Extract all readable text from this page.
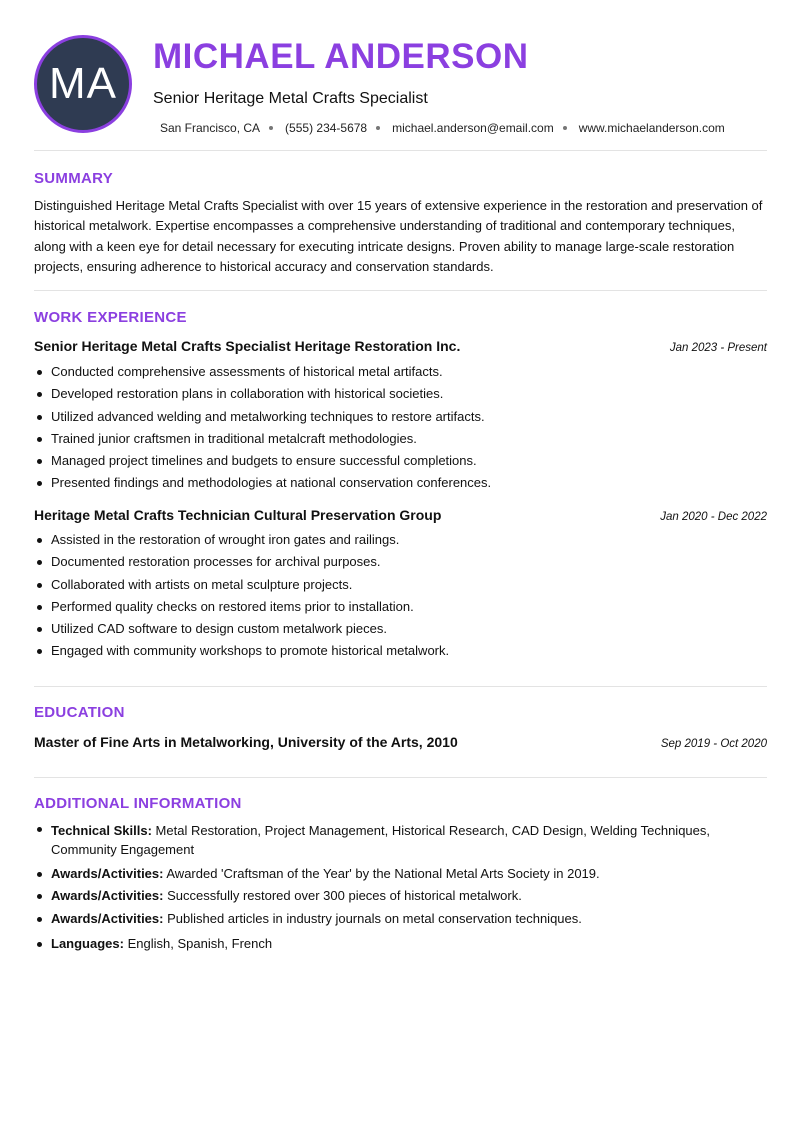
MA
MICHAEL ANDERSON
Senior Heritage Metal Crafts Specialist
San Francisco, CA (555) 234-5678 michael.anderson@email.com www.michaelanderson.com
SUMMARY
Distinguished Heritage Metal Crafts Specialist with over 15 years of extensive experience in the restoration and preservation of historical metalwork. Expertise encompasses a comprehensive understanding of traditional and contemporary techniques, along with a keen eye for detail necessary for executing intricate designs. Proven ability to manage large-scale restoration projects, ensuring adherence to historical accuracy and conservation standards.
WORK EXPERIENCE
Senior Heritage Metal Crafts Specialist Heritage Restoration Inc.	Jan 2023 - Present
Conducted comprehensive assessments of historical metal artifacts.
Developed restoration plans in collaboration with historical societies.
Utilized advanced welding and metalworking techniques to restore artifacts.
Trained junior craftsmen in traditional metalcraft methodologies.
Managed project timelines and budgets to ensure successful completions.
Presented findings and methodologies at national conservation conferences.
Heritage Metal Crafts Technician Cultural Preservation Group	Jan 2020 - Dec 2022
Assisted in the restoration of wrought iron gates and railings.
Documented restoration processes for archival purposes.
Collaborated with artists on metal sculpture projects.
Performed quality checks on restored items prior to installation.
Utilized CAD software to design custom metalwork pieces.
Engaged with community workshops to promote historical metalwork.
EDUCATION
Master of Fine Arts in Metalworking, University of the Arts, 2010	Sep 2019 - Oct 2020
ADDITIONAL INFORMATION
Technical Skills: Metal Restoration, Project Management, Historical Research, CAD Design, Welding Techniques, Community Engagement
Awards/Activities: Awarded 'Craftsman of the Year' by the National Metal Arts Society in 2019.
Awards/Activities: Successfully restored over 300 pieces of historical metalwork.
Awards/Activities: Published articles in industry journals on metal conservation techniques.
Languages: English, Spanish, French
